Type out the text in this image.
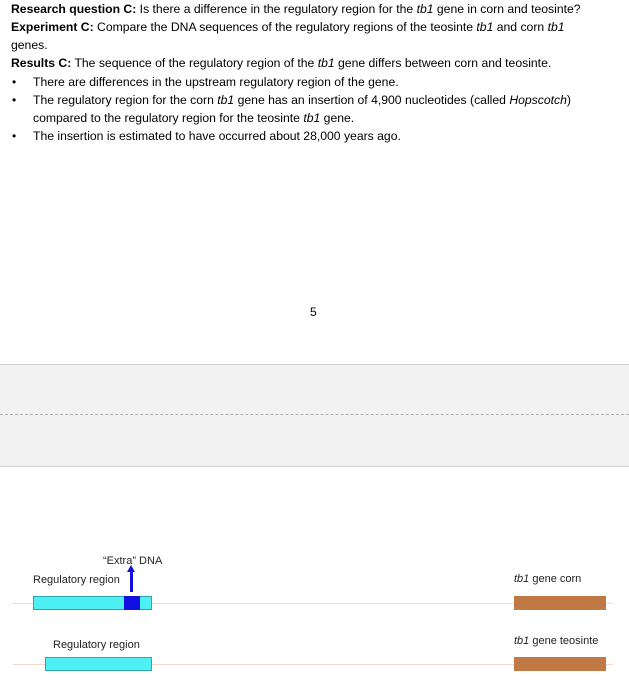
Research question C: Is there a difference in the regulatory region for the tb1 gene in corn and teosinte?
Experiment C: Compare the DNA sequences of the regulatory regions of the teosinte tb1 and corn tb1
genes.
Results C: The sequence of the regulatory region of the tb1 gene differs between corn and teosinte.
• There are differences in the upstream regulatory region of the gene.
• The regulatory region for the corn tb1 gene has an insertion of 4,900 nucleotides (called Hopscotch)
compared to the regulatory region for the teosinte tb1 gene.
• The insertion is estimated to have occurred about 28,000 years ago.
5
“Extra” DNA
Regulatory region	tb1 gene corn
Regulatory region	tb1 gene teosinte
